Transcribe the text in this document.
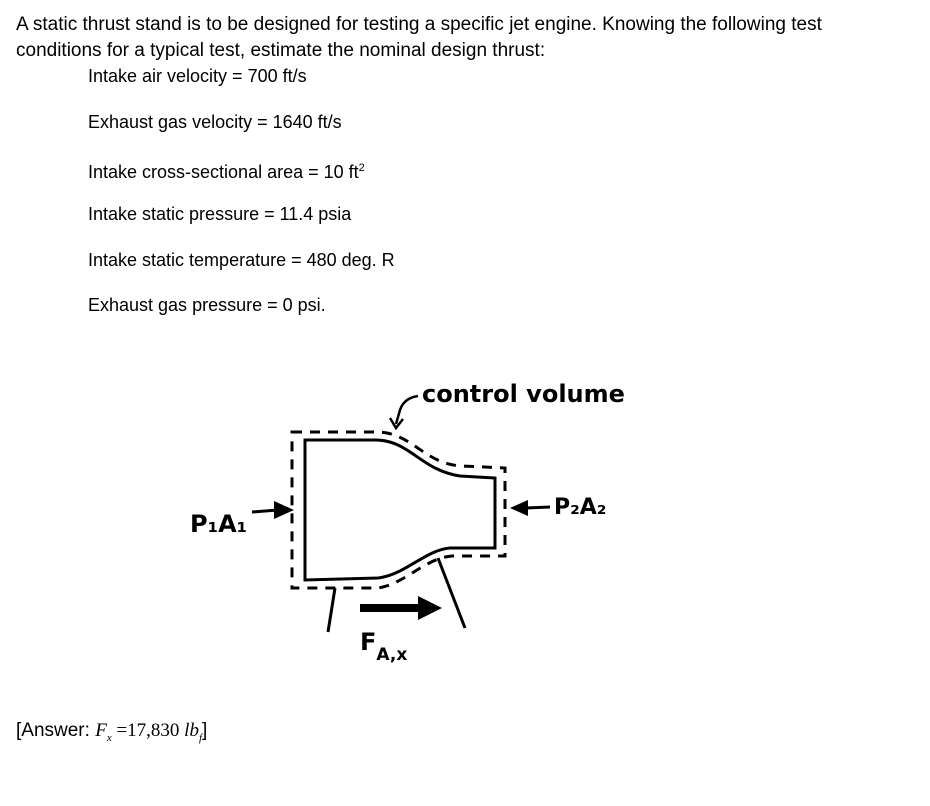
A static thrust stand is to be designed for testing a specific jet engine. Knowing the following test conditions for a typical test, estimate the nominal design thrust:
Intake air velocity = 700 ft/s
Exhaust gas velocity = 1640 ft/s
Intake cross-sectional area = 10 $ft^2$
Intake static pressure = 11.4 psia
Intake static temperature = 480 deg. R
Exhaust gas pressure = 0 psi.
control volume
P₁A₁
P₂A₂
$F_{A,x}$
[Answer: $F_x =17,830$ $lb_f$]
